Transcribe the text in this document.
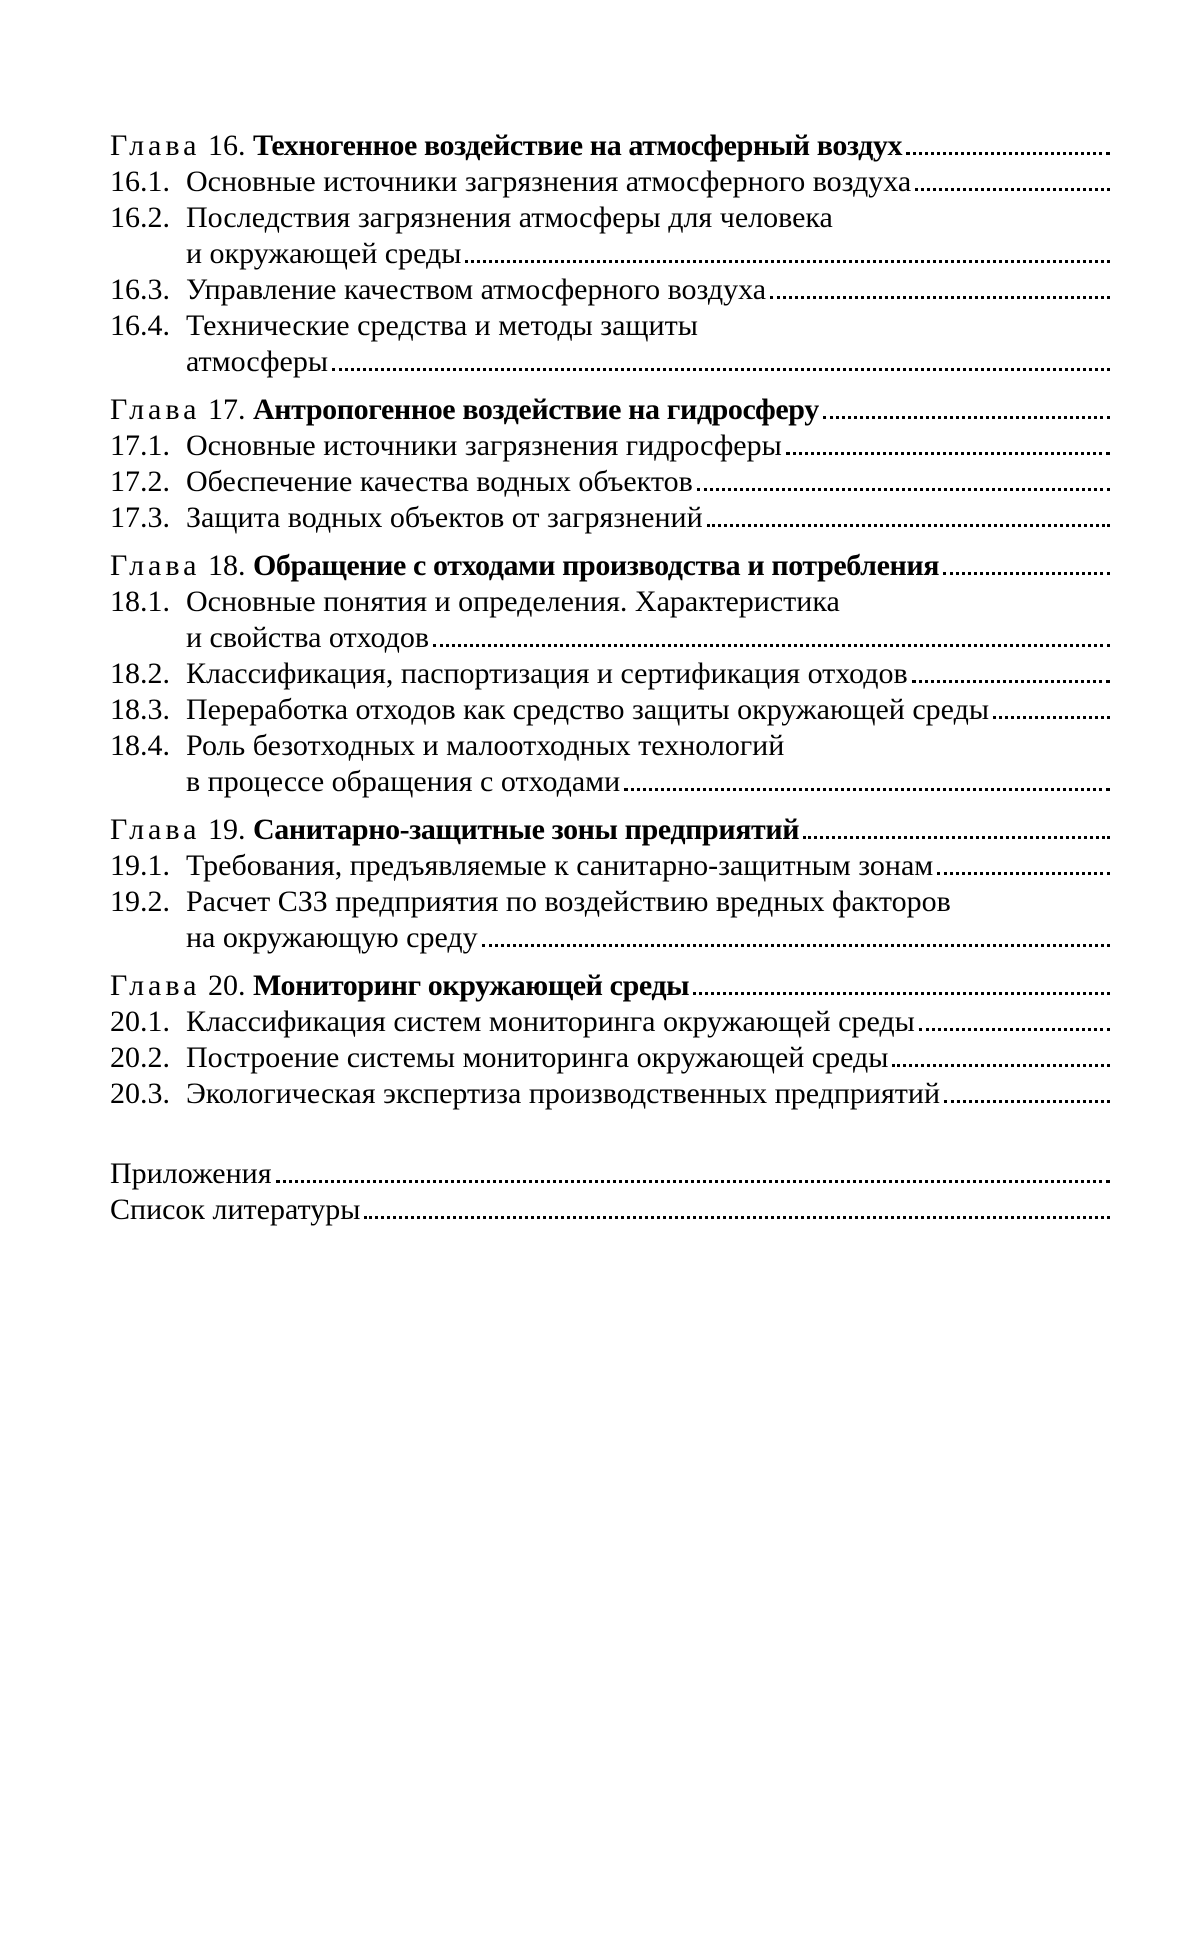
Глава 16. Техногенное воздействие на атмосферный воздух
16.1. Основные источники загрязнения атмосферного воздуха
16.2. Последствия загрязнения атмосферы для человека
и окружающей среды
16.3. Управление качеством атмосферного воздуха
16.4. Технические средства и методы защиты
атмосферы
Глава 17. Антропогенное воздействие на гидросферу
17.1. Основные источники загрязнения гидросферы
17.2. Обеспечение качества водных объектов
17.3. Защита водных объектов от загрязнений
Глава 18. Обращение с отходами производства и потребления
18.1. Основные понятия и определения. Характеристика
и свойства отходов
18.2. Классификация, паспортизация и сертификация отходов
18.3. Переработка отходов как средство защиты окружающей среды
18.4. Роль безотходных и малоотходных технологий
в процессе обращения с отходами
Глава 19. Санитарно-защитные зоны предприятий
19.1. Требования, предъявляемые к санитарно-защитным зонам
19.2. Расчет СЗЗ предприятия по воздействию вредных факторов
на окружающую среду
Глава 20. Мониторинг окружающей среды
20.1. Классификация систем мониторинга окружающей среды
20.2. Построение системы мониторинга окружающей среды
20.3. Экологическая экспертиза производственных предприятий
Приложения
Список литературы
